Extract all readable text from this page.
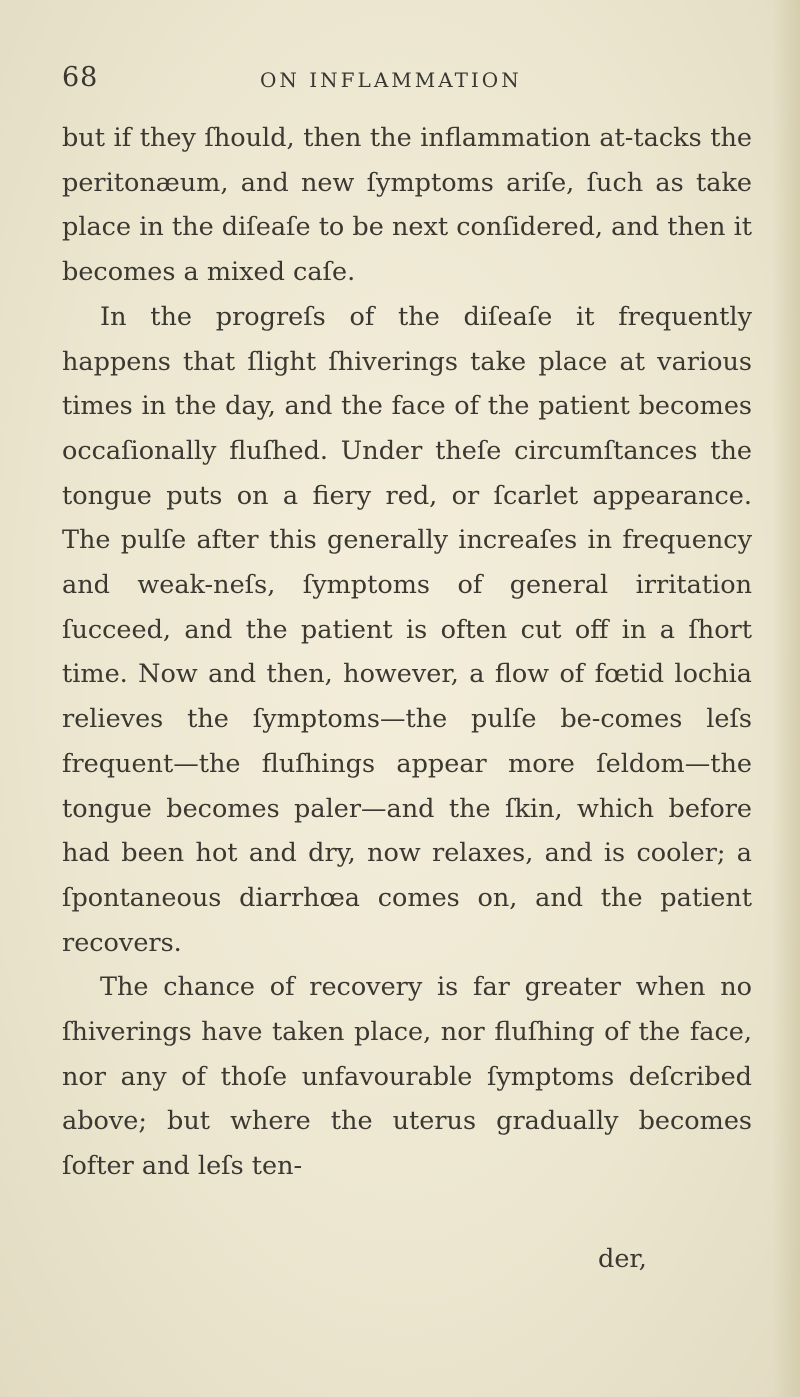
68	ON INFLAMMATION

but if they ſhould, then the inflammation at-tacks the peritonæum, and new ſymptoms ariſe, ſuch as take place in the diſeaſe to be next conſidered, and then it becomes a mixed caſe.

In the progreſs of the diſeaſe it frequently happens that ſlight ſhiverings take place at various times in the day, and the face of the patient becomes occaſionally fluſhed. Under theſe circumſtances the tongue puts on a fiery red, or ſcarlet appearance. The pulſe after this generally increaſes in frequency and weak-neſs, ſymptoms of general irritation ſucceed, and the patient is often cut off in a ſhort time. Now and then, however, a flow of fœtid lochia relieves the ſymptoms—the pulſe be-comes leſs frequent—the fluſhings appear more ſeldom—the tongue becomes paler—and the ſkin, which before had been hot and dry, now relaxes, and is cooler; a ſpontaneous diarrhœa comes on, and the patient recovers.

The chance of recovery is far greater when no ſhiverings have taken place, nor fluſhing of the face, nor any of thoſe unfavourable ſymptoms deſcribed above; but where the uterus gradually becomes ſofter and leſs ten-

der,
